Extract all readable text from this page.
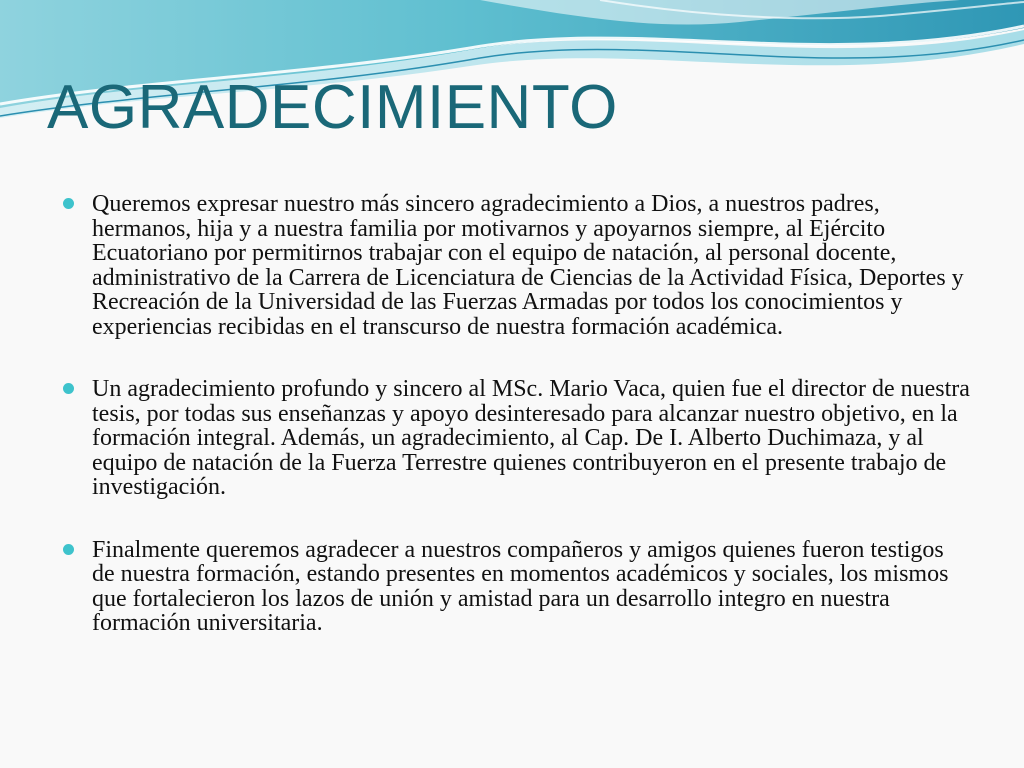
AGRADECIMIENTO
Queremos expresar nuestro más sincero agradecimiento a Dios, a nuestros padres, hermanos, hija y a nuestra familia por motivarnos y apoyarnos siempre, al Ejército Ecuatoriano por permitirnos trabajar con el equipo de natación, al personal docente, administrativo de la Carrera de Licenciatura de Ciencias de la Actividad Física, Deportes y Recreación de la Universidad de las Fuerzas Armadas por todos los conocimientos y experiencias recibidas en el transcurso de nuestra formación académica.
Un agradecimiento profundo y sincero al MSc. Mario Vaca, quien fue el director de nuestra tesis, por todas sus enseñanzas y apoyo desinteresado para alcanzar nuestro objetivo, en la formación integral. Además, un agradecimiento, al Cap. De I. Alberto Duchimaza, y al equipo de natación de la Fuerza Terrestre quienes contribuyeron en el presente trabajo de investigación.
Finalmente queremos agradecer a nuestros compañeros y amigos quienes fueron testigos de nuestra formación, estando presentes en momentos académicos y sociales, los mismos que fortalecieron los lazos de unión y amistad para un desarrollo integro en nuestra formación universitaria.
